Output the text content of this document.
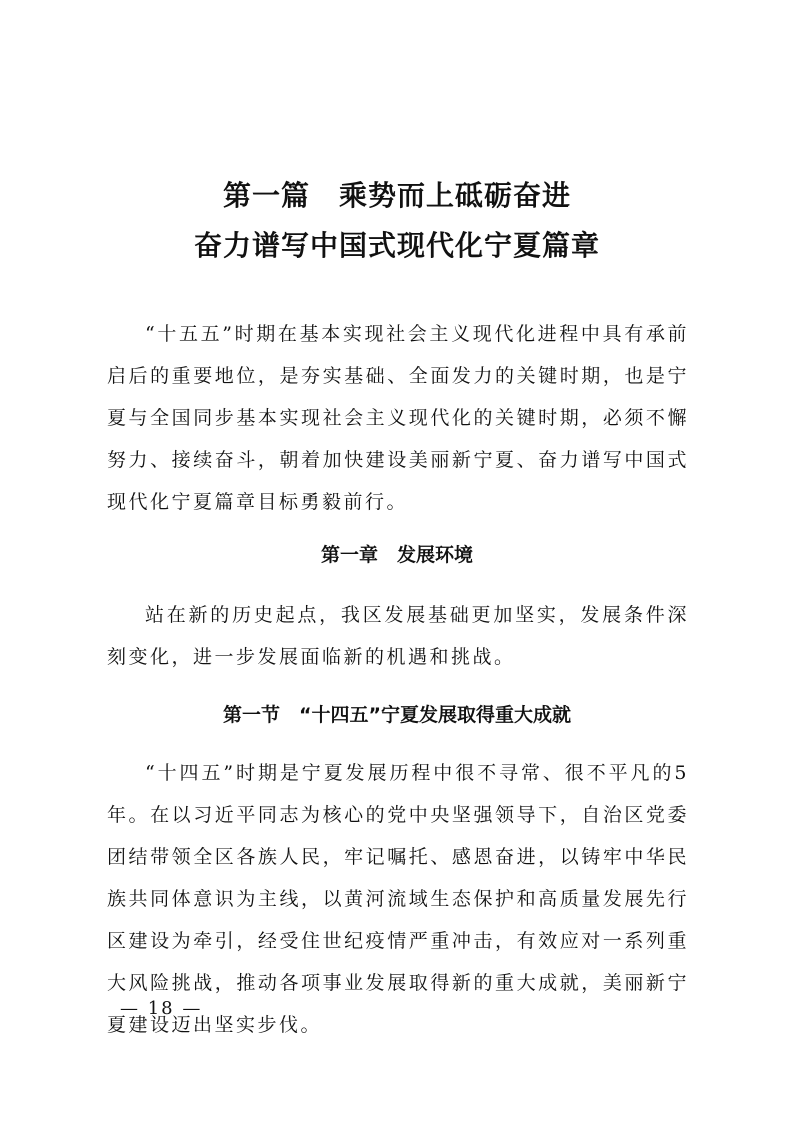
第一篇　乘势而上砥砺奋进
奋力谱写中国式现代化宁夏篇章

“十五五”时期在基本实现社会主义现代化进程中具有承前启后的重要地位，是夯实基础、全面发力的关键时期，也是宁夏与全国同步基本实现社会主义现代化的关键时期，必须不懈努力、接续奋斗，朝着加快建设美丽新宁夏、奋力谱写中国式现代化宁夏篇章目标勇毅前行。

第一章　发展环境

站在新的历史起点，我区发展基础更加坚实，发展条件深刻变化，进一步发展面临新的机遇和挑战。

第一节　“十四五”宁夏发展取得重大成就

“十四五”时期是宁夏发展历程中很不寻常、很不平凡的5年。在以习近平同志为核心的党中央坚强领导下，自治区党委团结带领全区各族人民，牢记嘱托、感恩奋进，以铸牢中华民族共同体意识为主线，以黄河流域生态保护和高质量发展先行区建设为牵引，经受住世纪疫情严重冲击，有效应对一系列重大风险挑战，推动各项事业发展取得新的重大成就，美丽新宁夏建设迈出坚实步伐。

— 18 —
